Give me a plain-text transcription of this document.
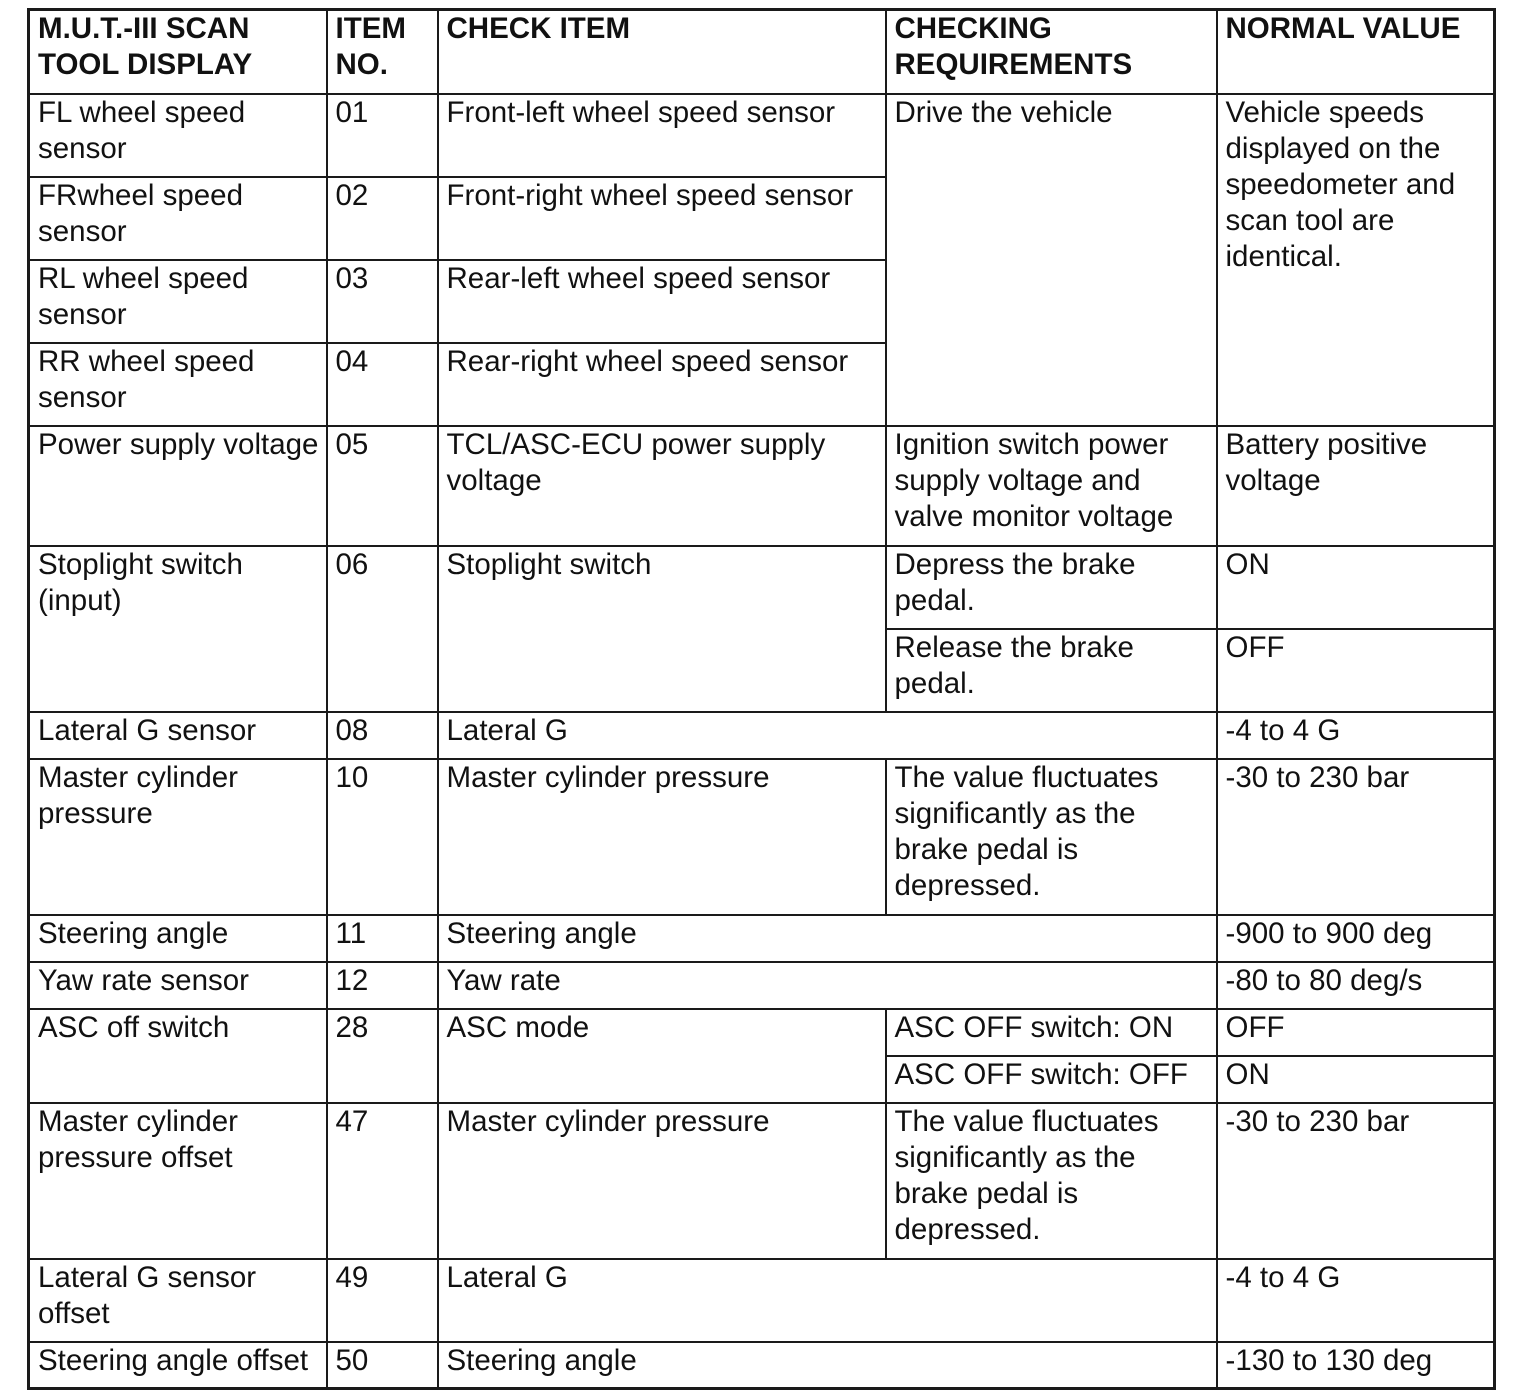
M.U.T.-III SCAN TOOL DISPLAY	ITEM NO.	CHECK ITEM	CHECKING REQUIREMENTS	NORMAL VALUE
FL wheel speed sensor	01	Front-left wheel speed sensor	Drive the vehicle	Vehicle speeds displayed on the speedometer and scan tool are identical.
FRwheel speed sensor	02	Front-right wheel speed sensor		
RL wheel speed sensor	03	Rear-left wheel speed sensor		
RR wheel speed sensor	04	Rear-right wheel speed sensor		
Power supply voltage	05	TCL/ASC-ECU power supply voltage	Ignition switch power supply voltage and valve monitor voltage	Battery positive voltage
Stoplight switch (input)	06	Stoplight switch	Depress the brake pedal.	ON
			Release the brake pedal.	OFF
Lateral G sensor	08	Lateral G		-4 to 4 G
Master cylinder pressure	10	Master cylinder pressure	The value fluctuates significantly as the brake pedal is depressed.	-30 to 230 bar
Steering angle	11	Steering angle		-900 to 900 deg
Yaw rate sensor	12	Yaw rate		-80 to 80 deg/s
ASC off switch	28	ASC mode	ASC OFF switch: ON	OFF
			ASC OFF switch: OFF	ON
Master cylinder pressure offset	47	Master cylinder pressure	The value fluctuates significantly as the brake pedal is depressed.	-30 to 230 bar
Lateral G sensor offset	49	Lateral G		-4 to 4 G
Steering angle offset	50	Steering angle		-130 to 130 deg
